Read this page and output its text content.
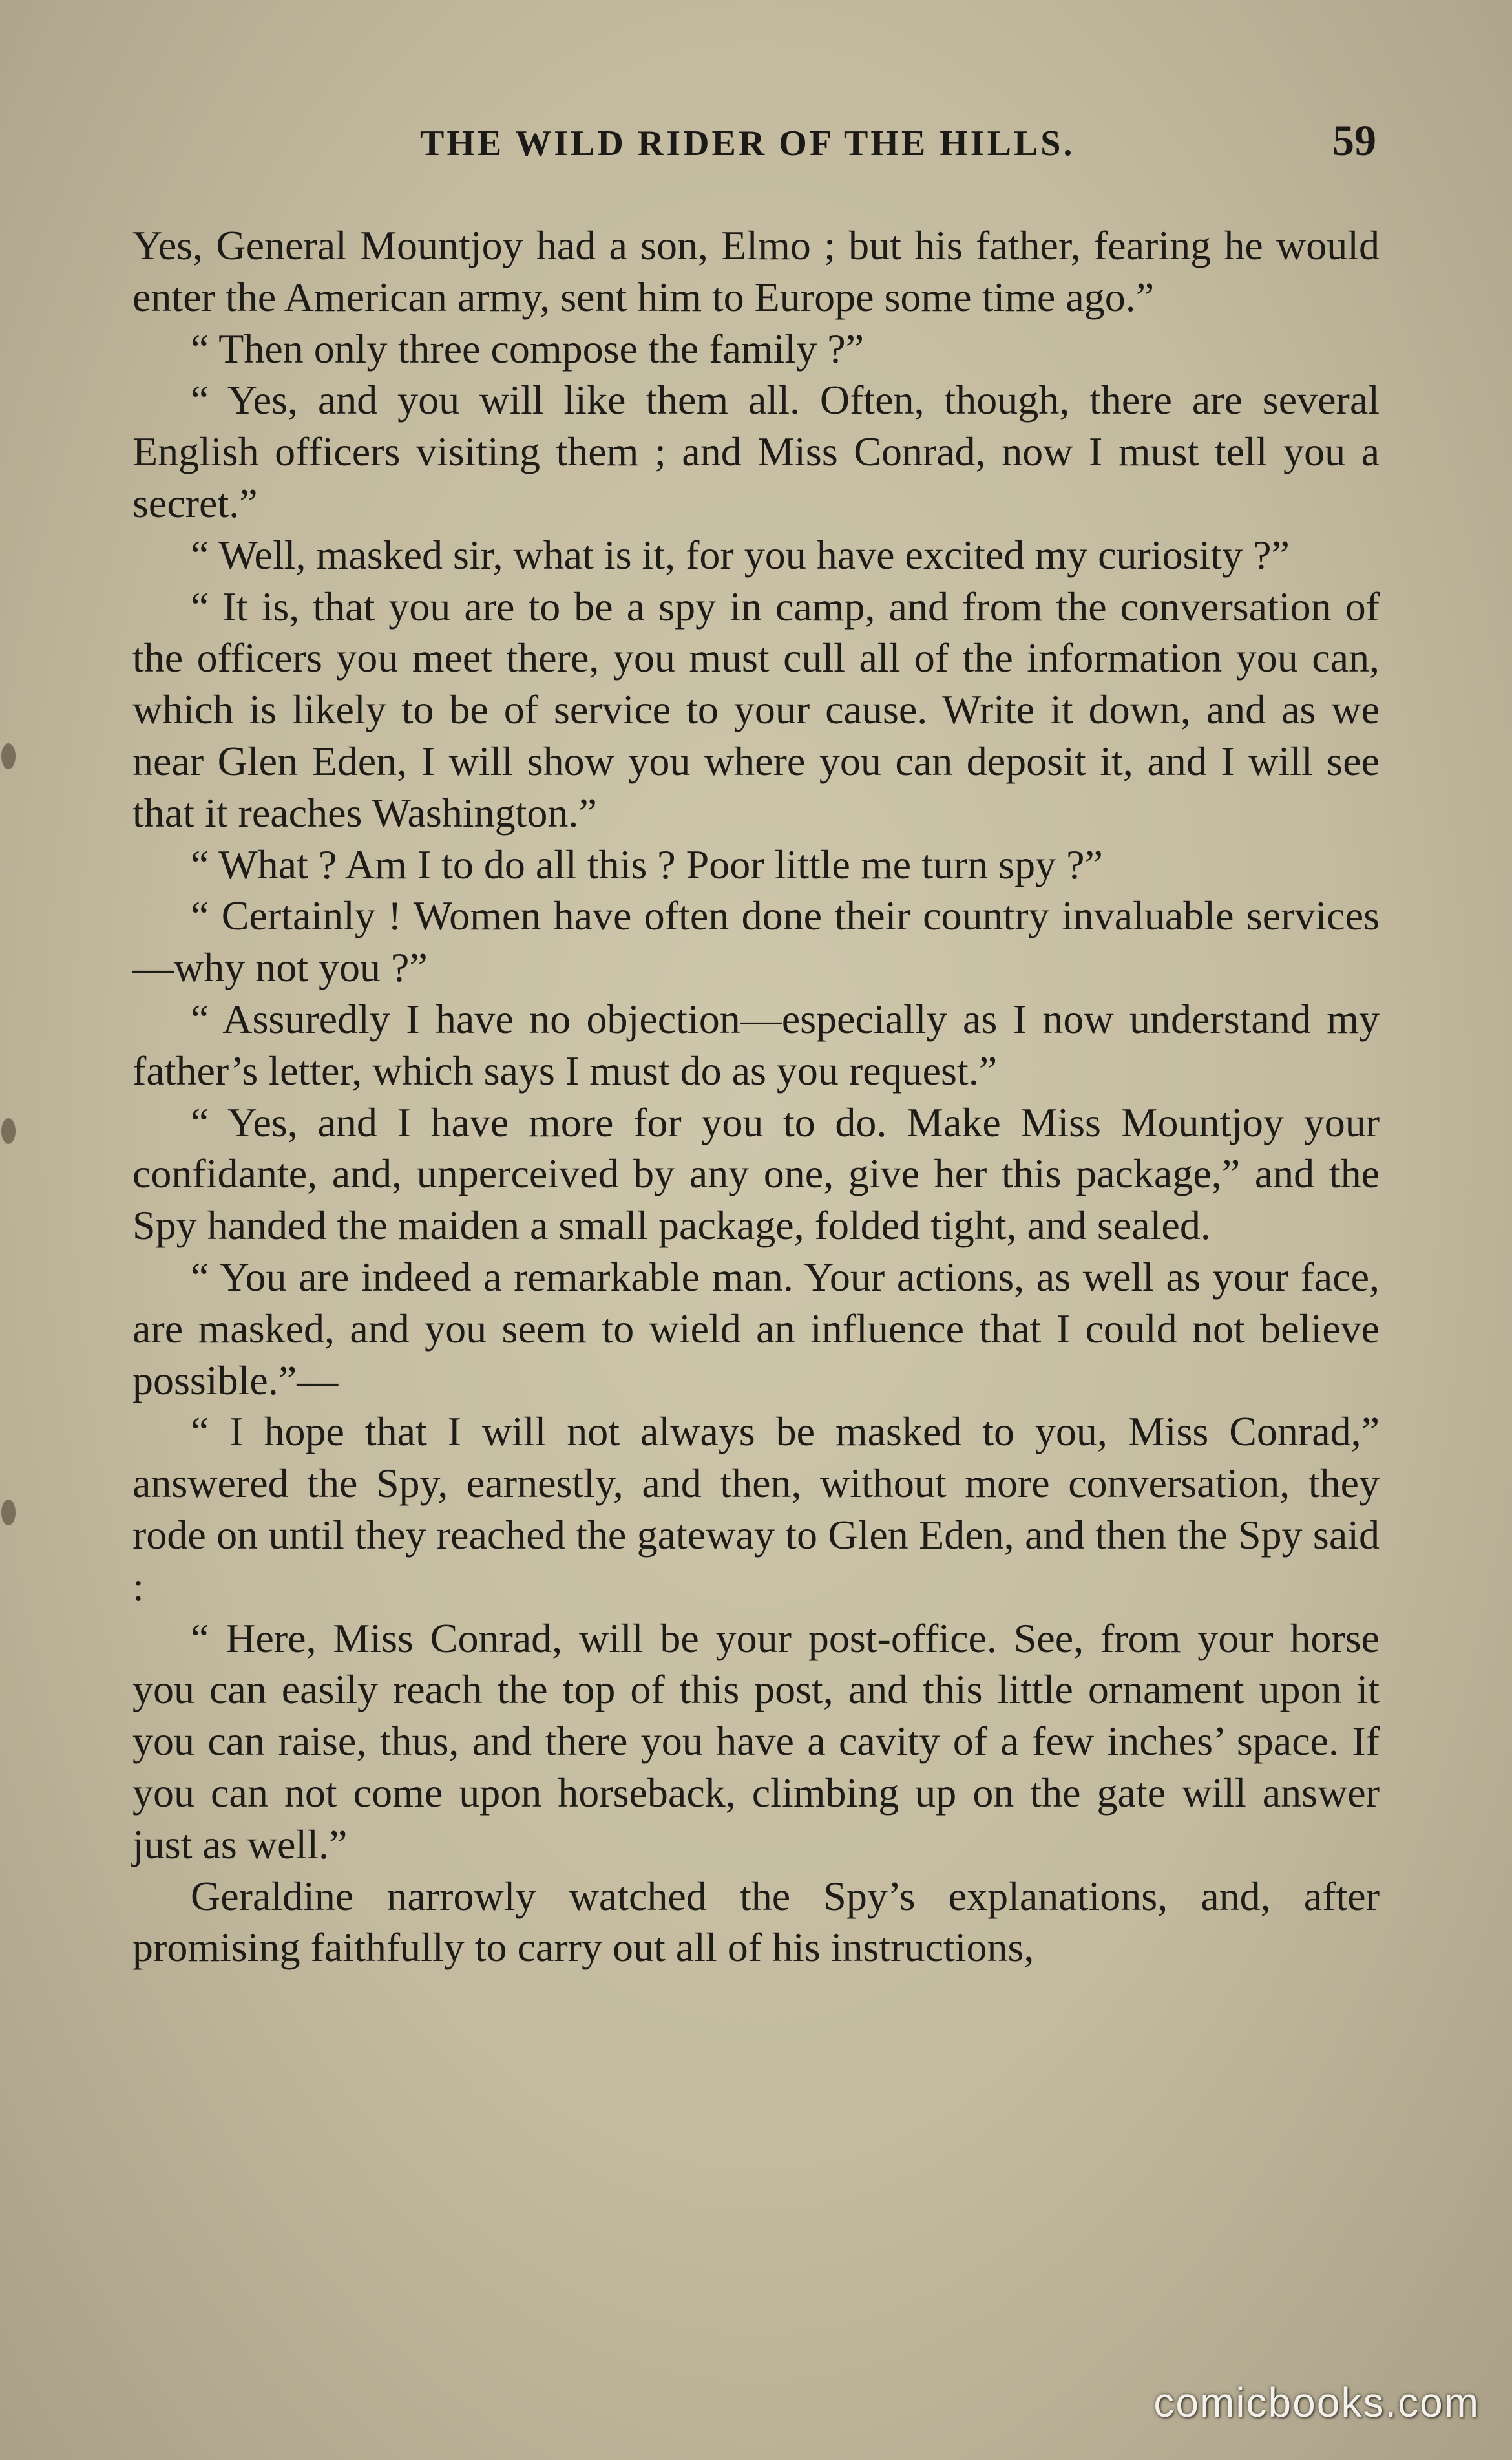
THE WILD RIDER OF THE HILLS.	59

Yes, General Mountjoy had a son, Elmo ; but his father, fearing he would enter the American army, sent him to Europe some time ago.”

“ Then only three compose the family ?”

“ Yes, and you will like them all. Often, though, there are several English officers visiting them ; and Miss Conrad, now I must tell you a secret.”

“ Well, masked sir, what is it, for you have excited my curiosity ?”

“ It is, that you are to be a spy in camp, and from the conversation of the officers you meet there, you must cull all of the information you can, which is likely to be of service to your cause. Write it down, and as we near Glen Eden, I will show you where you can deposit it, and I will see that it reaches Washington.”

“ What ? Am I to do all this ? Poor little me turn spy ?”

“ Certainly ! Women have often done their country invaluable services—why not you ?”

“ Assuredly I have no objection—especially as I now understand my father’s letter, which says I must do as you request.”

“ Yes, and I have more for you to do. Make Miss Mountjoy your confidante, and, unperceived by any one, give her this package,” and the Spy handed the maiden a small package, folded tight, and sealed.

“ You are indeed a remarkable man. Your actions, as well as your face, are masked, and you seem to wield an influence that I could not believe possible.”—

“ I hope that I will not always be masked to you, Miss Conrad,” answered the Spy, earnestly, and then, without more conversation, they rode on until they reached the gateway to Glen Eden, and then the Spy said :

“ Here, Miss Conrad, will be your post-office. See, from your horse you can easily reach the top of this post, and this little ornament upon it you can raise, thus, and there you have a cavity of a few inches’ space. If you can not come upon horseback, climbing up on the gate will answer just as well.”

Geraldine narrowly watched the Spy’s explanations, and, after promising faithfully to carry out all of his instructions,

comicbooks.com
